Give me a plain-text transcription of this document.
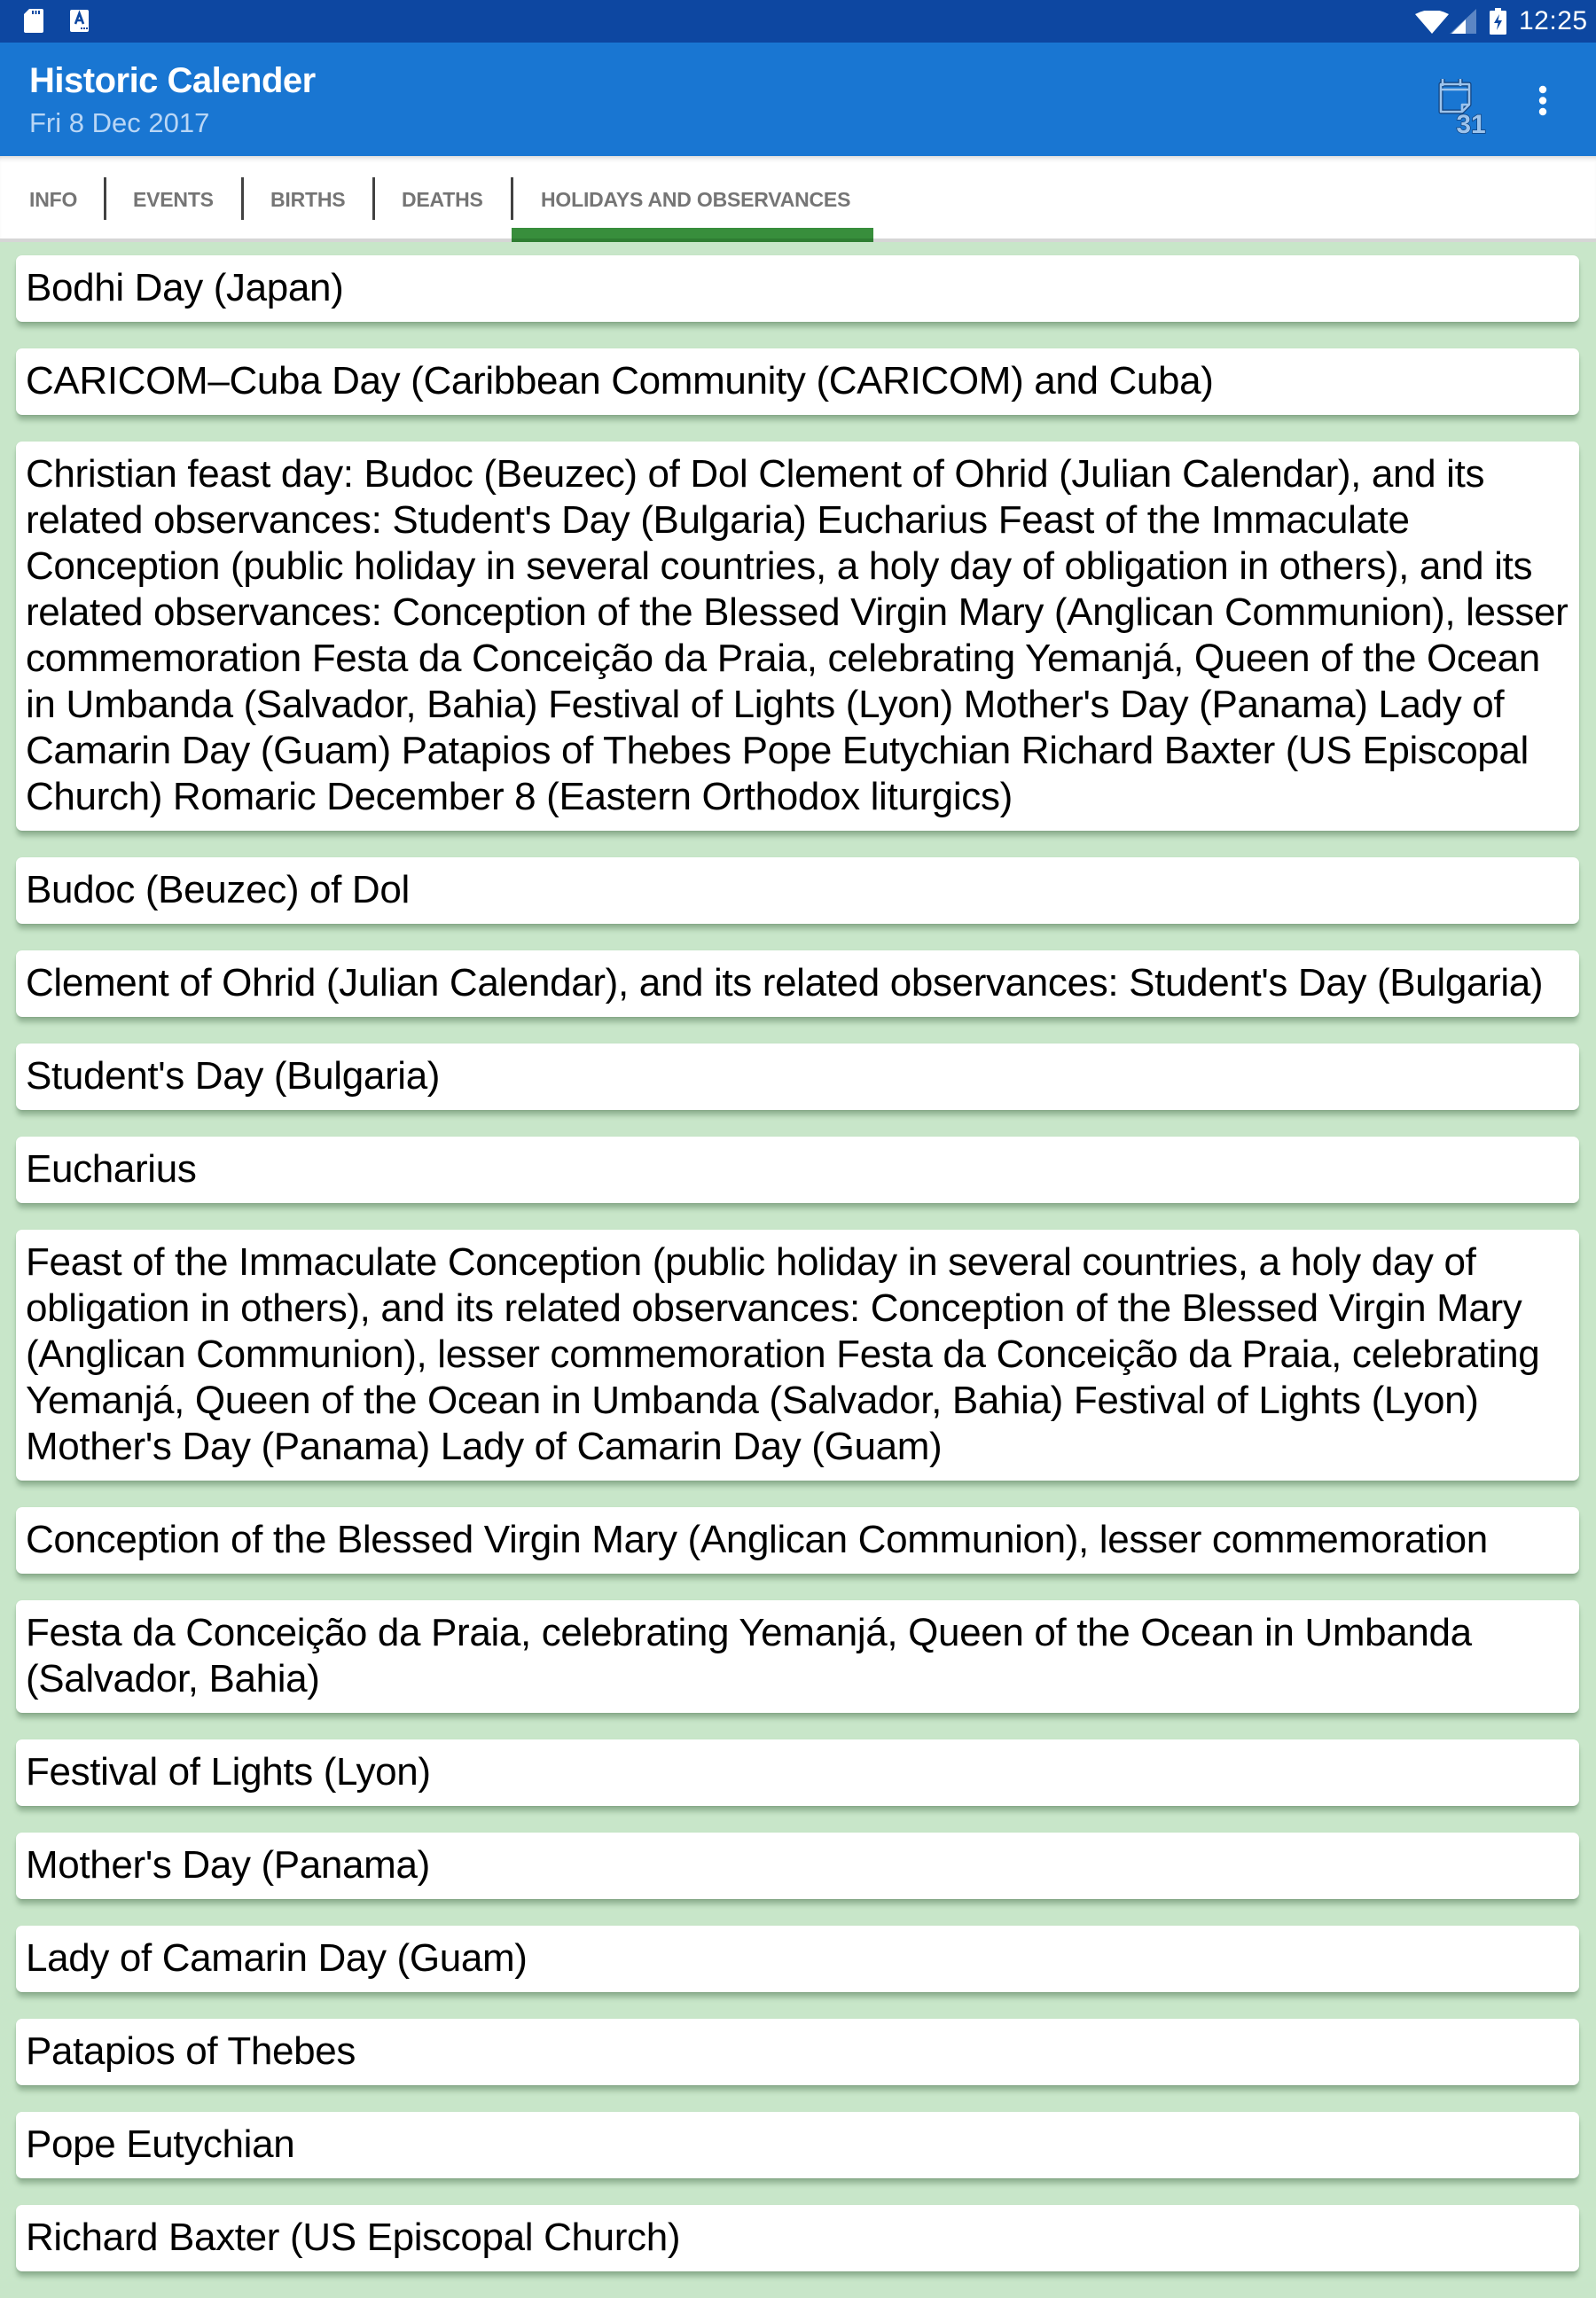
12:25
Historic Calender
Fri 8 Dec 2017	31
INFO	EVENTS	BIRTHS	DEATHS	HOLIDAYS AND OBSERVANCES
Bodhi Day (Japan)
CARICOM–Cuba Day (Caribbean Community (CARICOM) and Cuba)
Christian feast day: Budoc (Beuzec) of Dol Clement of Ohrid (Julian Calendar), and its related observances: Student's Day (Bulgaria) Eucharius Feast of the Immaculate Conception (public holiday in several countries, a holy day of obligation in others), and its related observances: Conception of the Blessed Virgin Mary (Anglican Communion), lesser commemoration Festa da Conceição da Praia, celebrating Yemanjá, Queen of the Ocean in Umbanda (Salvador, Bahia) Festival of Lights (Lyon) Mother's Day (Panama) Lady of Camarin Day (Guam) Patapios of Thebes Pope Eutychian Richard Baxter (US Episcopal Church) Romaric December 8 (Eastern Orthodox liturgics)
Budoc (Beuzec) of Dol
Clement of Ohrid (Julian Calendar), and its related observances: Student's Day (Bulgaria)
Student's Day (Bulgaria)
Eucharius
Feast of the Immaculate Conception (public holiday in several countries, a holy day of obligation in others), and its related observances: Conception of the Blessed Virgin Mary (Anglican Communion), lesser commemoration Festa da Conceição da Praia, celebrating Yemanjá, Queen of the Ocean in Umbanda (Salvador, Bahia) Festival of Lights (Lyon) Mother's Day (Panama) Lady of Camarin Day (Guam)
Conception of the Blessed Virgin Mary (Anglican Communion), lesser commemoration
Festa da Conceição da Praia, celebrating Yemanjá, Queen of the Ocean in Umbanda (Salvador, Bahia)
Festival of Lights (Lyon)
Mother's Day (Panama)
Lady of Camarin Day (Guam)
Patapios of Thebes
Pope Eutychian
Richard Baxter (US Episcopal Church)
